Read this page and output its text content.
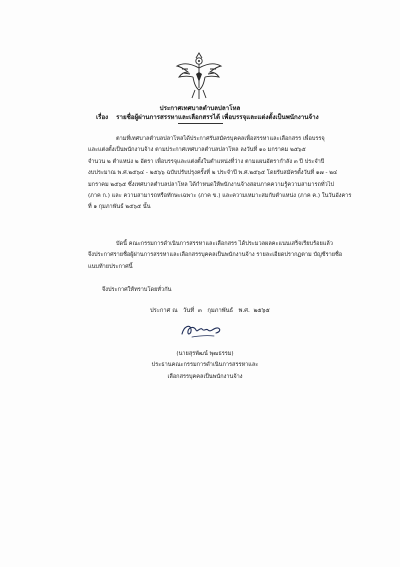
ประกาศเทศบาลตำบลปลาโหล
เรื่อง รายชื่อผู้ผ่านการสรรหาและเลือกสรรได้ เพื่อบรรจุและแต่งตั้งเป็นพนักงานจ้าง
ตามที่เทศบาลตำบลปลาโหลได้ประกาศรับสมัครบุคคลเพื่อสรรหาและเลือกสรร เพื่อบรรจุ
และแต่งตั้งเป็นพนักงานจ้าง ตามประกาศเทศบาลตำบลปลาโหล ลงวันที่ ๑๐ มกราคม ๒๕๖๕
จำนวน ๒ ตำแหน่ง ๒ อัตรา เพื่อบรรจุและแต่งตั้งในตำแหน่งที่ว่าง ตามแผนอัตรากำลัง ๓ ปี ประจำปี
งบประมาณ พ.ศ.๒๕๖๔ - ๒๕๖๖ ฉบับปรับปรุงครั้งที่ ๒ ประจำปี พ.ศ.๒๕๖๕ โดยรับสมัครตั้งวันที่ ๑๗ - ๒๔
มกราคม ๒๕๖๕ ซึ่งเทศบาลตำบลปลาโหล ได้กำหนดให้พนักงานจ้างสอบภาคความรู้ความสามารถทั่วไป
(ภาค ก.) และ ความสามารถหรือทักษะเฉพาะ (ภาค ข.) และความเหมาะสมกับตำแหน่ง (ภาค ค.) ในวันอังคาร
ที่ ๑ กุมภาพันธ์ ๒๕๖๕ นั้น
บัดนี้ คณะกรรมการดำเนินการสรรหาและเลือกสรร ได้ประมวลผลคะแนนเสร็จเรียบร้อยแล้ว
จึงประกาศรายชื่อผู้ผ่านการสรรหาและเลือกสรรบุคคลเป็นพนักงานจ้าง รายละเอียดปรากฏตาม บัญชีรายชื่อ
แนบท้ายประกาศนี้
จึงประกาศให้ทราบโดยทั่วกัน
ประกาศ ณ วันที่ ๓ กุมภาพันธ์ พ.ศ. ๒๕๖๕
(นายสุรพัฒน์ พุฒธรรม)
ประธานคณะกรรมการดำเนินการสรรหาและ
เลือกสรรบุคคลเป็นพนักงานจ้าง
